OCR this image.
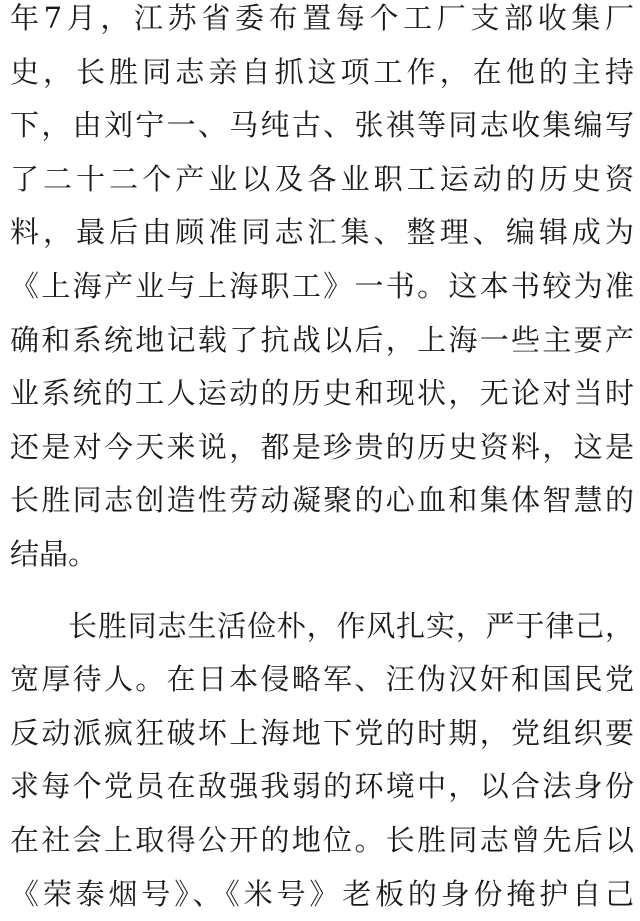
年7月，江苏省委布置每个工厂支部收集厂
史，长胜同志亲自抓这项工作，在他的主持
下，由刘宁一、马纯古、张祺等同志收集编写
了二十二个产业以及各业职工运动的历史资
料，最后由顾准同志汇集、整理、编辑成为
《上海产业与上海职工》一书。这本书较为准
确和系统地记载了抗战以后，上海一些主要产
业系统的工人运动的历史和现状，无论对当时
还是对今天来说，都是珍贵的历史资料，这是
长胜同志创造性劳动凝聚的心血和集体智慧的
结晶。
长胜同志生活俭朴，作风扎实，严于律己，
宽厚待人。在日本侵略军、汪伪汉奸和国民党
反动派疯狂破坏上海地下党的时期，党组织要
求每个党员在敌强我弱的环境中，以合法身份
在社会上取得公开的地位。长胜同志曾先后以
《荣泰烟号》、《米号》老板的身份掩护自己
